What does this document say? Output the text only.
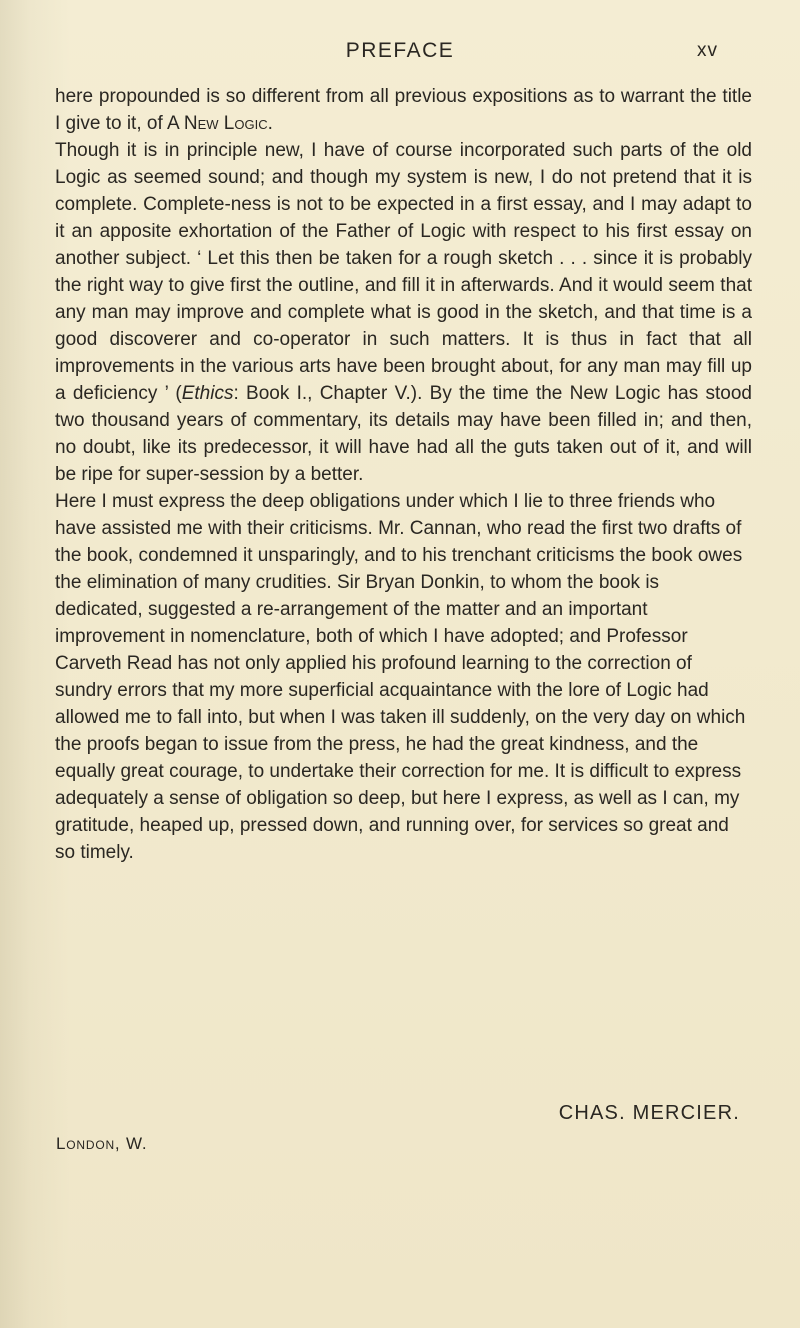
PREFACE	xv

here propounded is so different from all previous expositions as to warrant the title I give to it, of A New Logic.

Though it is in principle new, I have of course incorporated such parts of the old Logic as seemed sound; and though my system is new, I do not pretend that it is complete. Complete-ness is not to be expected in a first essay, and I may adapt to it an apposite exhortation of the Father of Logic with respect to his first essay on another subject. ‘ Let this then be taken for a rough sketch . . . since it is probably the right way to give first the outline, and fill it in afterwards. And it would seem that any man may improve and complete what is good in the sketch, and that time is a good discoverer and co-operator in such matters. It is thus in fact that all improvements in the various arts have been brought about, for any man may fill up a deficiency ’ (Ethics: Book I., Chapter V.). By the time the New Logic has stood two thousand years of commentary, its details may have been filled in; and then, no doubt, like its predecessor, it will have had all the guts taken out of it, and will be ripe for super-session by a better.

Here I must express the deep obligations under which I lie to three friends who have assisted me with their criticisms. Mr. Cannan, who read the first two drafts of the book, condemned it unsparingly, and to his trenchant criticisms the book owes the elimination of many crudities. Sir Bryan Donkin, to whom the book is dedicated, suggested a re-arrangement of the matter and an important improvement in nomenclature, both of which I have adopted; and Professor Carveth Read has not only applied his profound learning to the correction of sundry errors that my more superficial acquaintance with the lore of Logic had allowed me to fall into, but when I was taken ill suddenly, on the very day on which the proofs began to issue from the press, he had the great kindness, and the equally great courage, to undertake their correction for me. It is difficult to express adequately a sense of obligation so deep, but here I express, as well as I can, my gratitude, heaped up, pressed down, and running over, for services so great and so timely.

CHAS. MERCIER.
London, W.
